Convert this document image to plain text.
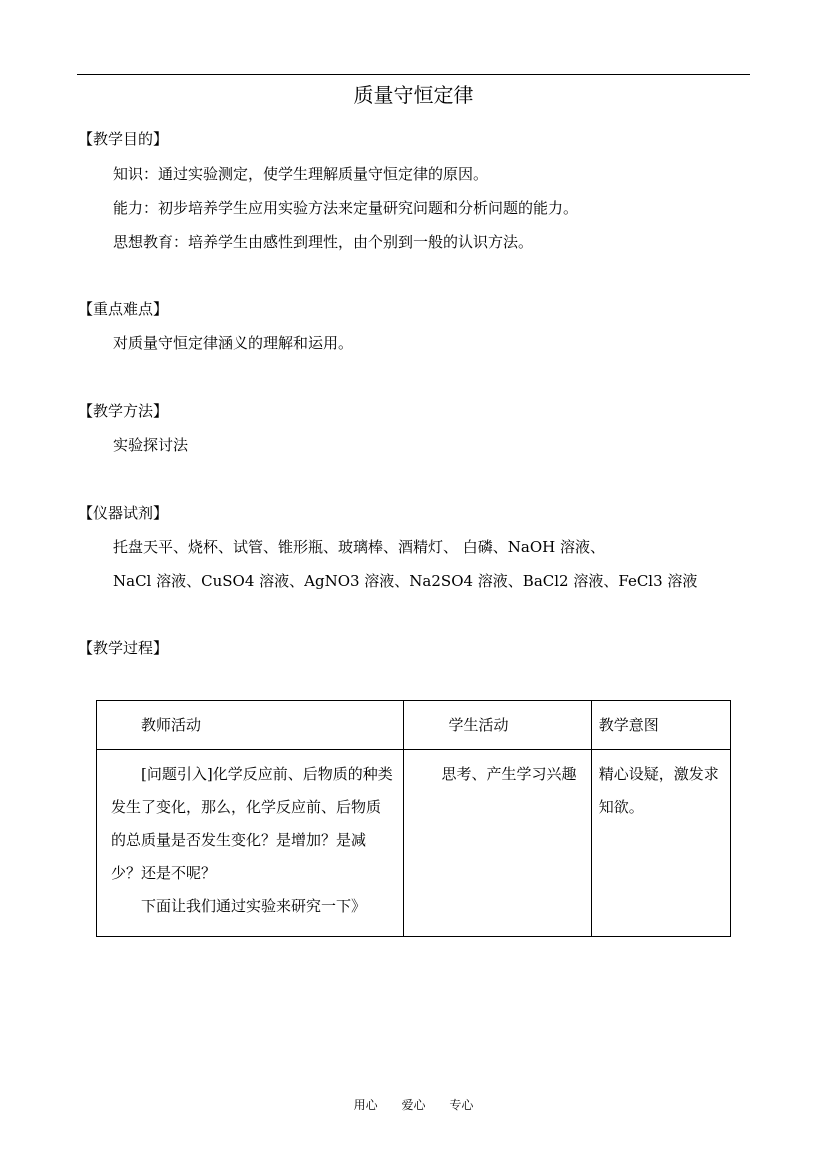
质量守恒定律
【教学目的】
知识：通过实验测定，使学生理解质量守恒定律的原因。
能力：初步培养学生应用实验方法来定量研究问题和分析问题的能力。
思想教育：培养学生由感性到理性，由个别到一般的认识方法。
【重点难点】
对质量守恒定律涵义的理解和运用。
【教学方法】
实验探讨法
【仪器试剂】
托盘天平、烧杯、试管、锥形瓶、玻璃棒、酒精灯、 白磷、NaOH 溶液、
NaCl 溶液、CuSO4 溶液、AgNO3 溶液、Na2SO4 溶液、BaCl2 溶液、FeCl3 溶液
【教学过程】
教师活动	学生活动	教学意图

[问题引入]化学反应前、后物质的种类发生了变化，那么，化学反应前、后物质的总质量是否发生变化？是增加？是减少？还是不呢？
下面让我们通过实验来研究一下》	思考、产生学习兴趣	精心设疑，激发求知欲。
用心 爱心 专心
